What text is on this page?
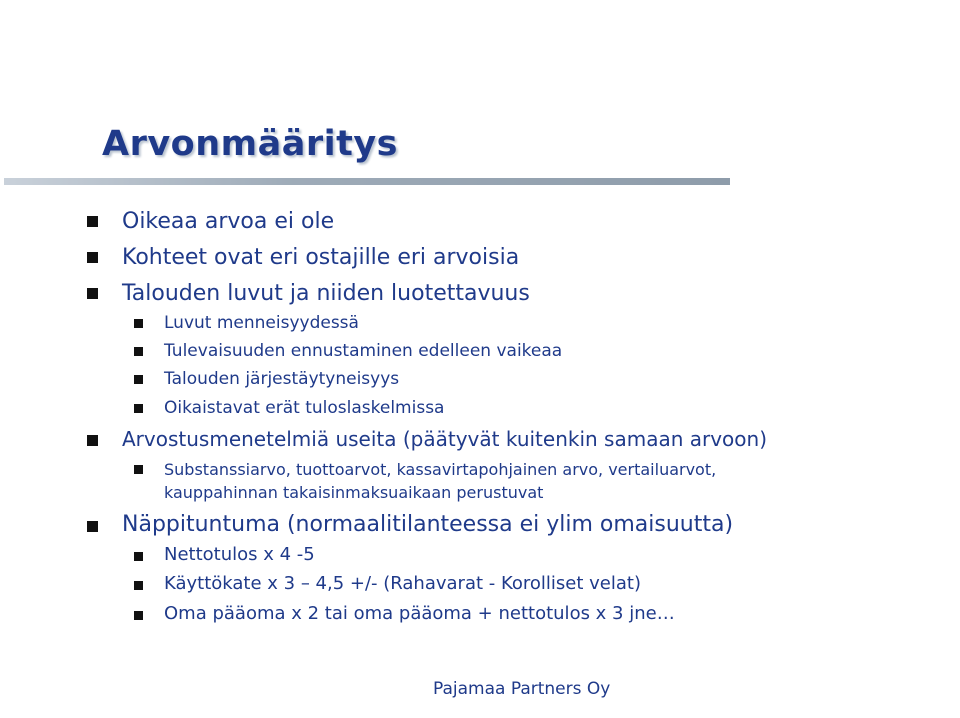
Arvonmääritys
Oikeaa arvoa ei ole
Kohteet ovat eri ostajille eri arvoisia
Talouden luvut ja niiden luotettavuus
Luvut menneisyydessä
Tulevaisuuden ennustaminen edelleen vaikeaa
Talouden järjestäytyneisyys
Oikaistavat erät tuloslaskelmissa
Arvostusmenetelmiä useita (päätyvät kuitenkin samaan arvoon)
Substanssiarvo, tuottoarvot, kassavirtapohjainen arvo, vertailuarvot,
kauppahinnan takaisinmaksuaikaan perustuvat
Näppituntuma (normaalitilanteessa ei ylim omaisuutta)
Nettotulos x 4 -5
Käyttökate x 3 – 4,5 +/- (Rahavarat - Korolliset velat)
Oma pääoma x 2 tai oma pääoma + nettotulos x 3 jne…
Pajamaa Partners Oy
